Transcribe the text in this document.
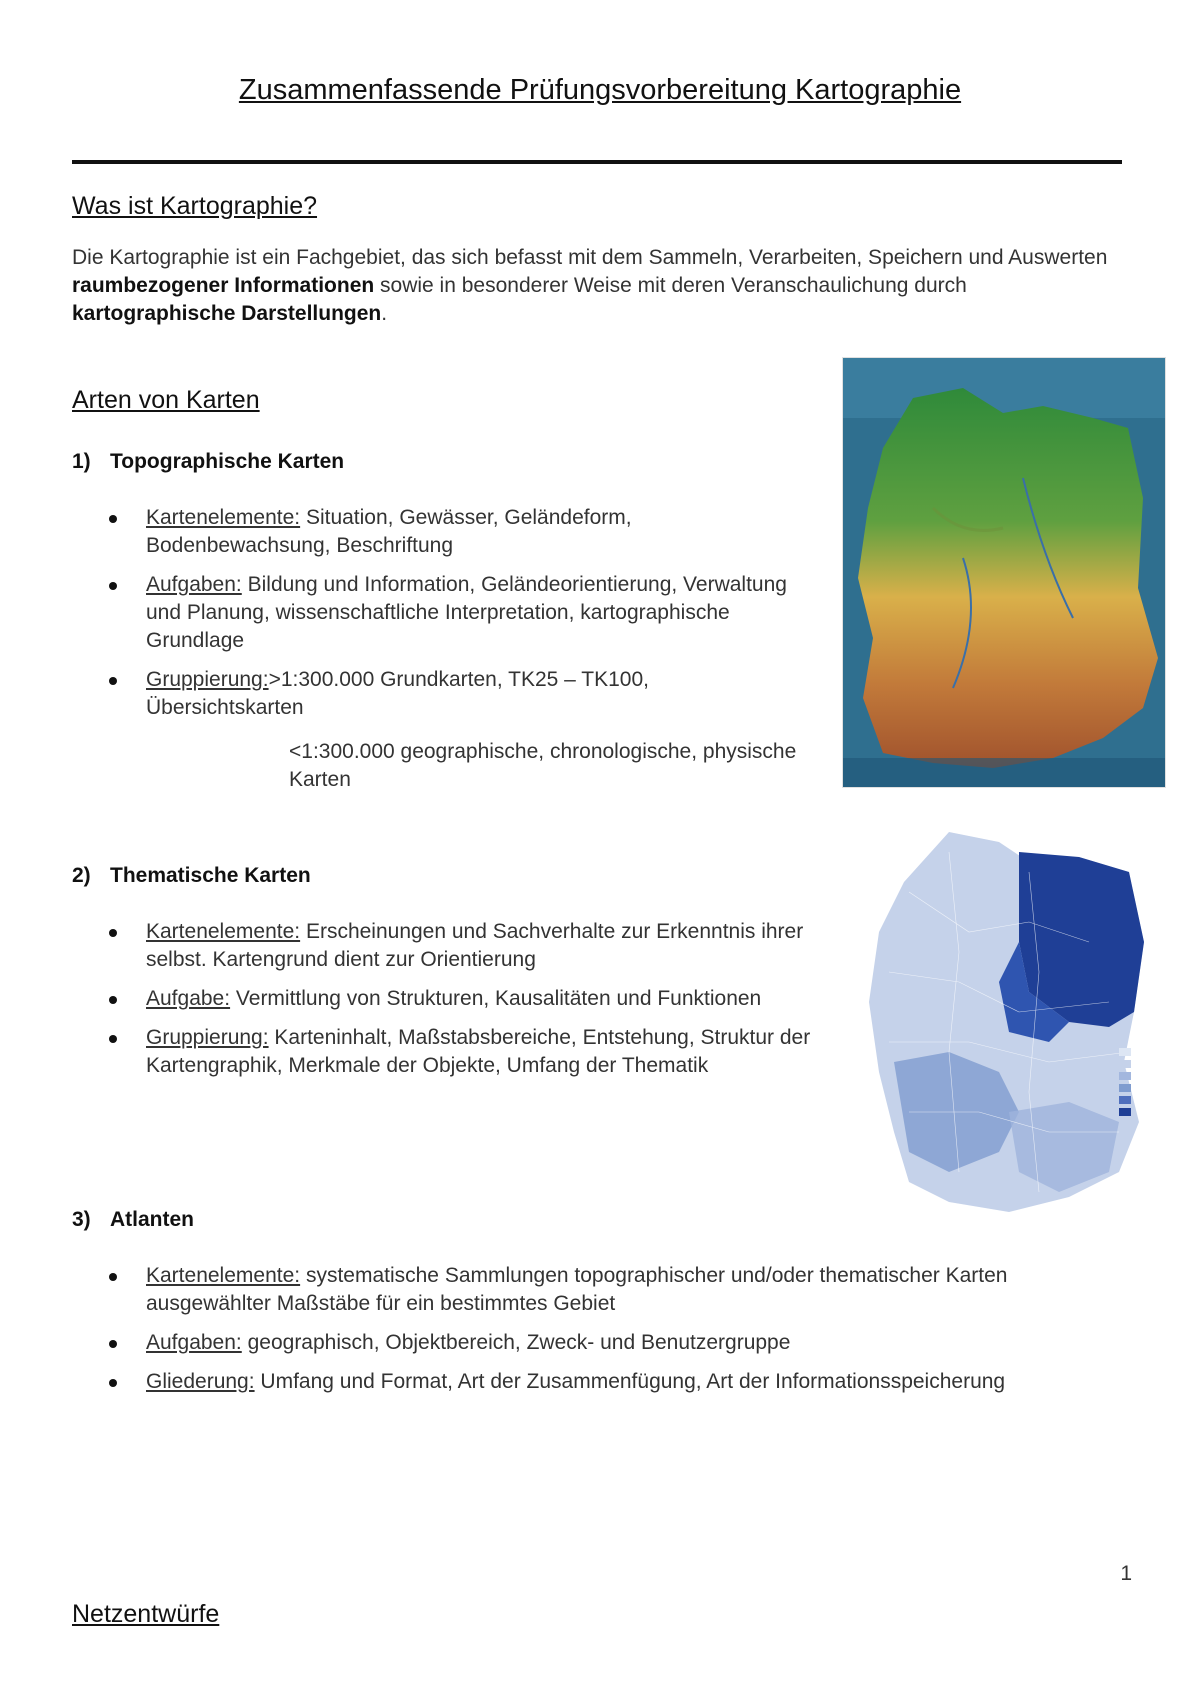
Zusammenfassende Prüfungsvorbereitung Kartographie
Was ist Kartographie?
Die Kartographie ist ein Fachgebiet, das sich befasst mit dem Sammeln, Verarbeiten, Speichern und Auswerten raumbezogener Informationen sowie in besonderer Weise mit deren Veranschaulichung durch kartographische Darstellungen.
Arten von Karten
1) Topographische Karten
Kartenelemente: Situation, Gewässer, Geländeform, Bodenbewachsung, Beschriftung
Aufgaben: Bildung und Information, Geländeorientierung, Verwaltung und Planung, wissenschaftliche Interpretation, kartographische Grundlage
Gruppierung:>1:300.000 Grundkarten, TK25 – TK100, Übersichtskarten
<1:300.000 geographische, chronologische, physische Karten
2) Thematische Karten
Kartenelemente: Erscheinungen und Sachverhalte zur Erkenntnis ihrer selbst. Kartengrund dient zur Orientierung
Aufgabe: Vermittlung von Strukturen, Kausalitäten und Funktionen
Gruppierung: Karteninhalt, Maßstabsbereiche, Entstehung, Struktur der Kartengraphik, Merkmale der Objekte, Umfang der Thematik
3) Atlanten
Kartenelemente: systematische Sammlungen topographischer und/oder thematischer Karten ausgewählter Maßstäbe für ein bestimmtes Gebiet
Aufgaben: geographisch, Objektbereich, Zweck- und Benutzergruppe
Gliederung: Umfang und Format, Art der Zusammenfügung, Art der Informationsspeicherung
1
Netzentwürfe
